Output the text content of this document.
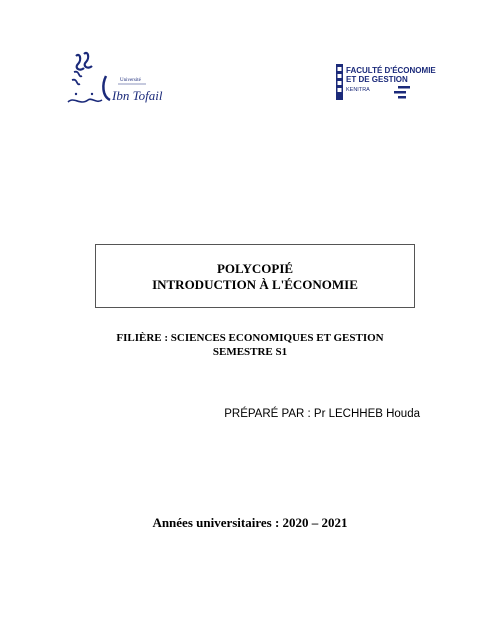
Université
Ibn Tofail
FACULTÉ D'ÉCONOMIE
ET DE GESTION
KENITRA
POLYCOPIÉ
INTRODUCTION À L'ÉCONOMIE
FILIÈRE : SCIENCES ECONOMIQUES ET GESTION
SEMESTRE S1
PRÉPARÉ PAR : Pr LECHHEB Houda
Années universitaires : 2020 – 2021
